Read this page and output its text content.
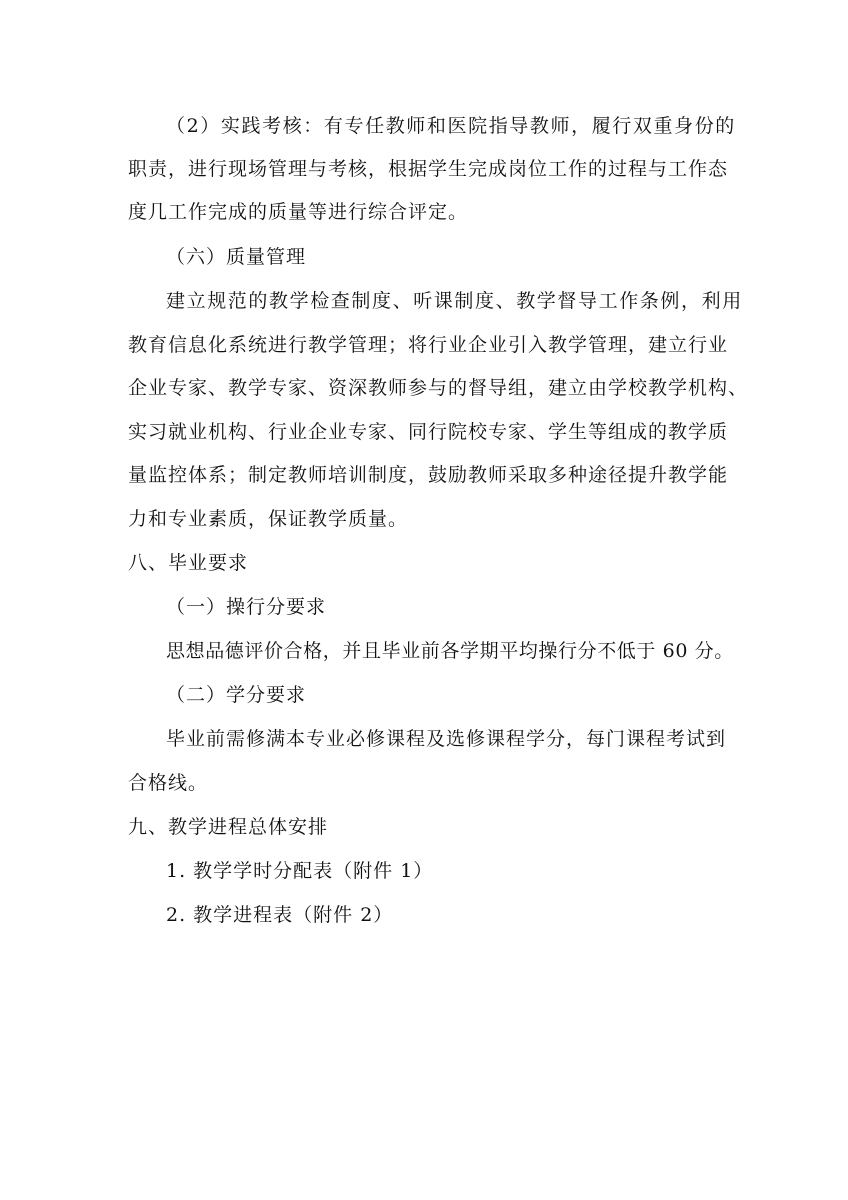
（2）实践考核：有专任教师和医院指导教师，履行双重身份的
职责，进行现场管理与考核，根据学生完成岗位工作的过程与工作态
度几工作完成的质量等进行综合评定。
（六）质量管理
建立规范的教学检查制度、听课制度、教学督导工作条例，利用
教育信息化系统进行教学管理；将行业企业引入教学管理，建立行业
企业专家、教学专家、资深教师参与的督导组，建立由学校教学机构、
实习就业机构、行业企业专家、同行院校专家、学生等组成的教学质
量监控体系；制定教师培训制度，鼓励教师采取多种途径提升教学能
力和专业素质，保证教学质量。
八、毕业要求
（一）操行分要求
思想品德评价合格，并且毕业前各学期平均操行分不低于 60 分。
（二）学分要求
毕业前需修满本专业必修课程及选修课程学分，每门课程考试到
合格线。
九、教学进程总体安排
1. 教学学时分配表（附件 1）
2. 教学进程表（附件 2）
